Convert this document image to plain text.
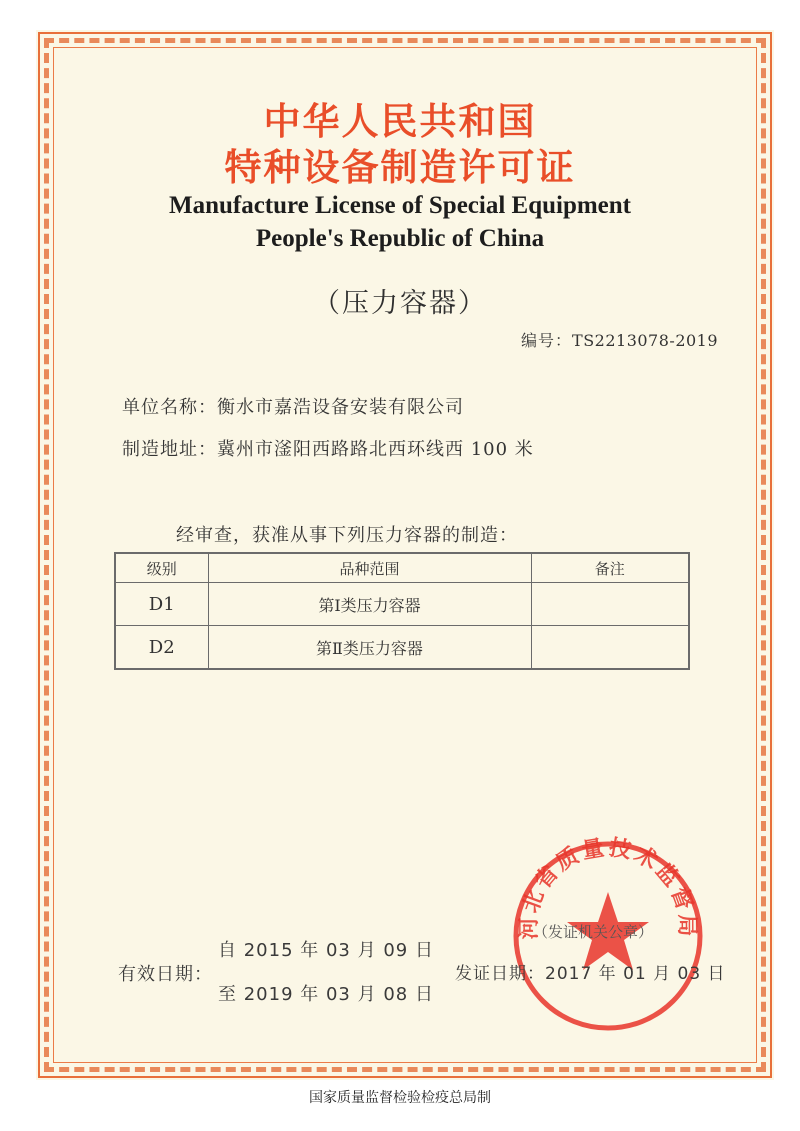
中华人民共和国
特种设备制造许可证
Manufacture License of Special Equipment
People's Republic of China
（压力容器）
编号：TS2213078-2019
单位名称：衡水市嘉浩设备安装有限公司
制造地址：冀州市滏阳西路路北西环线西 100 米
经审查，获准从事下列压力容器的制造：
级别	品种范围	备注
D1	第Ⅰ类压力容器	
D2	第Ⅱ类压力容器	
河北省质量技术监督局
（发证机关公章）
有效日期：
自 2015 年 03 月 09 日
至 2019 年 03 月 08 日
发证日期：2017 年 01 月 03 日
国家质量监督检验检疫总局制
